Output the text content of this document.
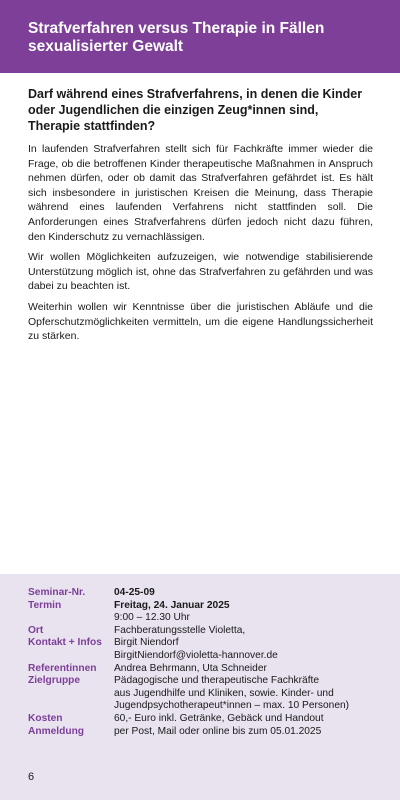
Strafverfahren versus Therapie in Fällen sexualisierter Gewalt

Darf während eines Strafverfahrens, in denen die Kinder oder Jugendlichen die einzigen Zeug*innen sind, Therapie stattfinden?

In laufenden Strafverfahren stellt sich für Fachkräfte immer wieder die Frage, ob die betroffenen Kinder therapeutische Maßnahmen in Anspruch nehmen dürfen, oder ob damit das Strafverfahren gefährdet ist. Es hält sich insbesondere in juristischen Kreisen die Meinung, dass Therapie während eines laufenden Verfahrens nicht stattfinden soll. Die Anforderungen eines Strafverfahrens dürfen jedoch nicht dazu führen, den Kinderschutz zu vernachlässigen.

Wir wollen Möglichkeiten aufzuzeigen, wie notwendige stabilisierende Unterstützung möglich ist, ohne das Strafverfahren zu gefährden und was dabei zu beachten ist.

Weiterhin wollen wir Kenntnisse über die juristischen Abläufe und die Opferschutzmöglichkeiten vermitteln, um die eigene Handlungssicherheit zu stärken.

Seminar-Nr.	04-25-09
Termin	Freitag, 24. Januar 2025
9:00 – 12.30 Uhr
Ort	Fachberatungsstelle Violetta,
Kontakt + Infos	Birgit Niendorf
BirgitNiendorf@violetta-hannover.de
Referentinnen	Andrea Behrmann, Uta Schneider
Zielgruppe	Pädagogische und therapeutische Fachkräfte
aus Jugendhilfe und Kliniken, sowie. Kinder- und
Jugendpsychotherapeut*innen – max. 10 Personen)
Kosten	60,- Euro inkl. Getränke, Gebäck und Handout
Anmeldung	per Post, Mail oder online bis zum 05.01.2025
6
